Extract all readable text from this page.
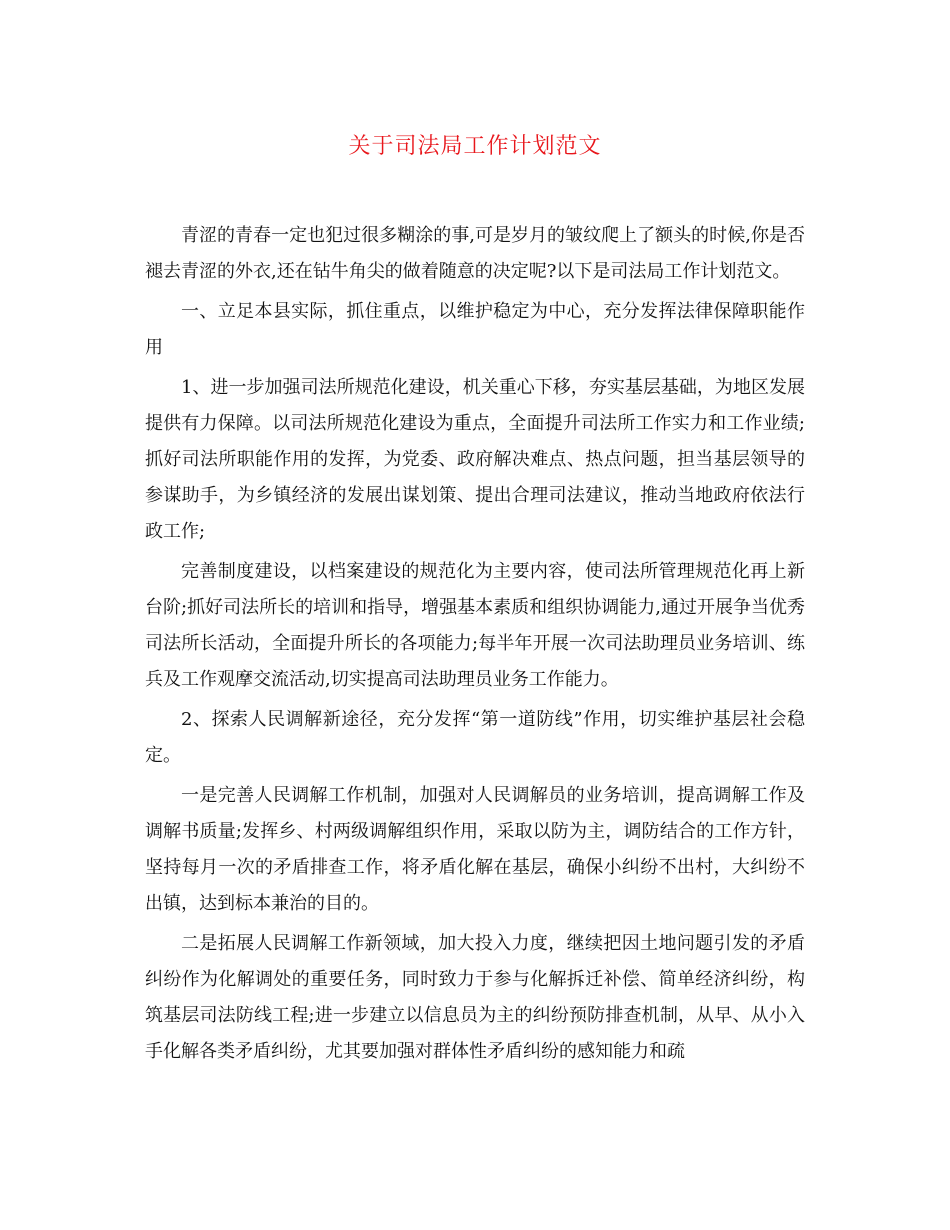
关于司法局工作计划范文

青涩的青春一定也犯过很多糊涂的事,可是岁月的皱纹爬上了额头的时候,你是否褪去青涩的外衣,还在钻牛角尖的做着随意的决定呢?以下是司法局工作计划范文。

一、立足本县实际，抓住重点，以维护稳定为中心，充分发挥法律保障职能作用

1、进一步加强司法所规范化建设，机关重心下移，夯实基层基础，为地区发展提供有力保障。以司法所规范化建设为重点，全面提升司法所工作实力和工作业绩;抓好司法所职能作用的发挥，为党委、政府解决难点、热点问题，担当基层领导的参谋助手，为乡镇经济的发展出谋划策、提出合理司法建议，推动当地政府依法行政工作;

完善制度建设，以档案建设的规范化为主要内容，使司法所管理规范化再上新台阶;抓好司法所长的培训和指导，增强基本素质和组织协调能力,通过开展争当优秀司法所长活动，全面提升所长的各项能力;每半年开展一次司法助理员业务培训、练兵及工作观摩交流活动,切实提高司法助理员业务工作能力。

2、探索人民调解新途径，充分发挥“第一道防线”作用，切实维护基层社会稳定。

一是完善人民调解工作机制，加强对人民调解员的业务培训，提高调解工作及调解书质量;发挥乡、村两级调解组织作用，采取以防为主，调防结合的工作方针，坚持每月一次的矛盾排查工作，将矛盾化解在基层，确保小纠纷不出村，大纠纷不出镇，达到标本兼治的目的。

二是拓展人民调解工作新领域，加大投入力度，继续把因土地问题引发的矛盾纠纷作为化解调处的重要任务，同时致力于参与化解拆迁补偿、简单经济纠纷，构筑基层司法防线工程;进一步建立以信息员为主的纠纷预防排查机制，从早、从小入手化解各类矛盾纠纷，尤其要加强对群体性矛盾纠纷的感知能力和疏
